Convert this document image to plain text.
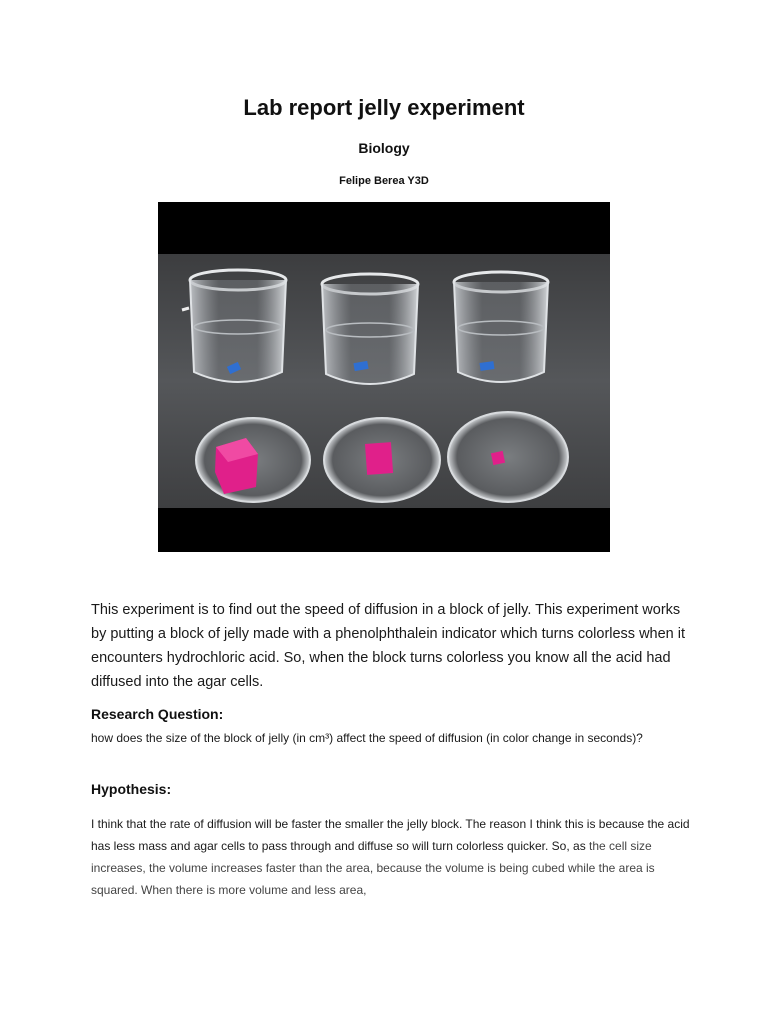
Lab report jelly experiment
Biology
Felipe Berea Y3D
This experiment is to find out the speed of diffusion in a block of jelly. This experiment works by putting a block of jelly made with a phenolphthalein indicator which turns colorless when it encounters hydrochloric acid. So, when the block turns colorless you know all the acid had diffused into the agar cells.
Research Question:
how does the size of the block of jelly (in cm³) affect the speed of diffusion (in color change in seconds)?
Hypothesis:
I think that the rate of diffusion will be faster the smaller the jelly block. The reason I think this is because the acid has less mass and agar cells to pass through and diffuse so will turn colorless quicker. So, as the cell size increases, the volume increases faster than the area, because the volume is being cubed while the area is squared. When there is more volume and less area,
